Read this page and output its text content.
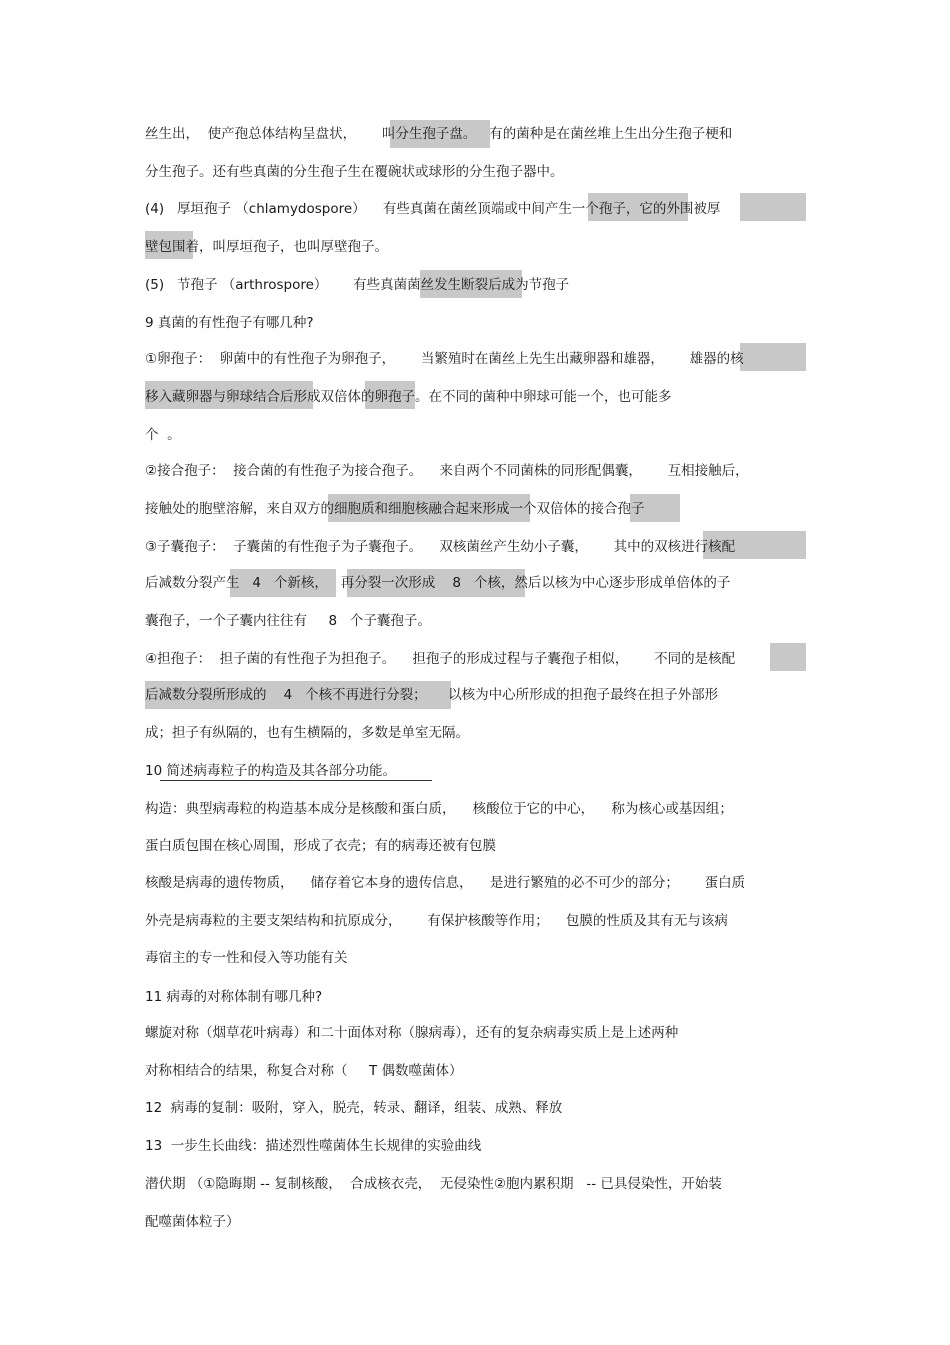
丝生出，  使产孢总体结构呈盘状，      叫分生孢子盘。   有的菌种是在菌丝堆上生出分生孢子梗和
分生孢子。还有些真菌的分生孢子生在覆碗状或球形的分生孢子器中。
(4)   厚垣孢子 （chlamydospore）    有些真菌在菌丝顶端或中间产生一个孢子，它的外围被厚
壁包围着，叫厚垣孢子，也叫厚壁孢子。
(5)   节孢子 （arthrospore）      有些真菌菌丝发生断裂后成为节孢子
9 真菌的有性孢子有哪几种?
①卵孢子：  卵菌中的有性孢子为卵孢子，      当繁殖时在菌丝上先生出藏卵器和雄器，      雄器的核
移入藏卵器与卵球结合后形成双倍体的卵孢子。在不同的菌种中卵球可能一个，也可能多
个  。
②接合孢子：  接合菌的有性孢子为接合孢子。    来自两个不同菌株的同形配偶囊，      互相接触后，
接触处的胞壁溶解，来自双方的细胞质和细胞核融合起来形成一个双倍体的接合孢子
③子囊孢子：  子囊菌的有性孢子为子囊孢子。    双核菌丝产生幼小子囊，      其中的双核进行核配
后减数分裂产生   4   个新核，   再分裂一次形成    8   个核，然后以核为中心逐步形成单倍体的子
囊孢子，一个子囊内往往有     8   个子囊孢子。
④担孢子：  担子菌的有性孢子为担孢子。    担孢子的形成过程与子囊孢子相似，      不同的是核配
后减数分裂所形成的    4   个核不再进行分裂；     以核为中心所形成的担孢子最终在担子外部形
成；担子有纵隔的，也有生横隔的，多数是单室无隔。
10 简述病毒粒子的构造及其各部分功能。
构造：典型病毒粒的构造基本成分是核酸和蛋白质，    核酸位于它的中心，    称为核心或基因组；
蛋白质包围在核心周围，形成了衣壳；有的病毒还被有包膜
核酸是病毒的遗传物质，    储存着它本身的遗传信息，    是进行繁殖的必不可少的部分；      蛋白质
外壳是病毒粒的主要支架结构和抗原成分，      有保护核酸等作用；    包膜的性质及其有无与该病
毒宿主的专一性和侵入等功能有关
11 病毒的对称体制有哪几种?
螺旋对称（烟草花叶病毒）和二十面体对称（腺病毒），还有的复杂病毒实质上是上述两种
对称相结合的结果，称复合对称（     T 偶数噬菌体）
12  病毒的复制：吸附，穿入，脱壳，转录、翻译，组装、成熟、释放
13  一步生长曲线：描述烈性噬菌体生长规律的实验曲线
潜伏期 （①隐晦期 -- 复制核酸，  合成核衣壳，  无侵染性②胞内累积期   -- 已具侵染性，开始装
配噬菌体粒子）
